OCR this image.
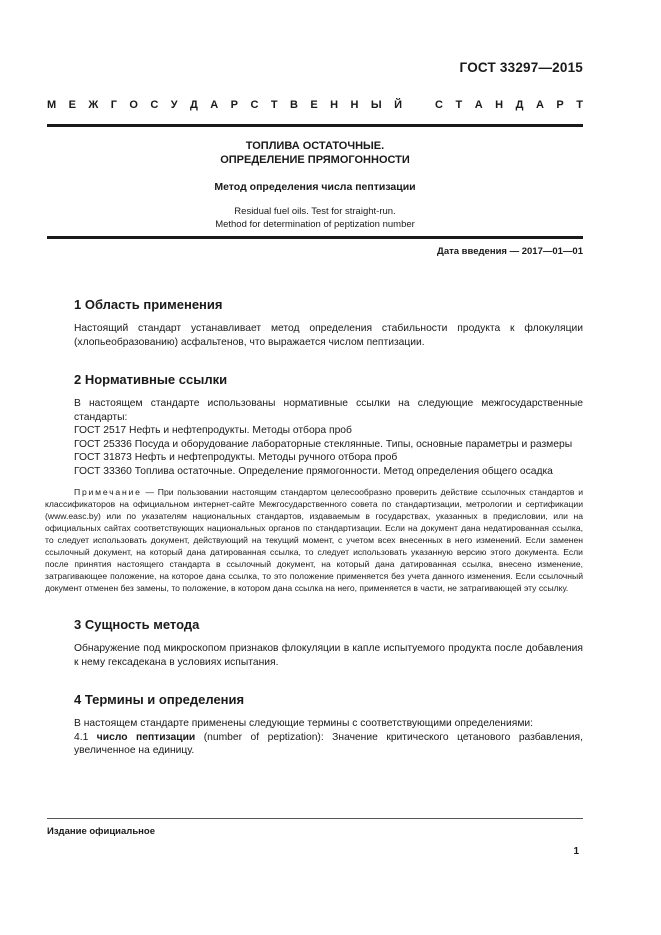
ГОСТ 33297—2015
М Е Ж Г О С У Д А Р С Т В Е Н Н Ы Й	С Т А Н Д А Р Т
ТОПЛИВА ОСТАТОЧНЫЕ.
ОПРЕДЕЛЕНИЕ ПРЯМОГОННОСТИ
Метод определения числа пептизации
Residual fuel oils. Test for straight-run.
Method for determination of peptization number
Дата введения — 2017—01—01
1 Область применения

Настоящий стандарт устанавливает метод определения стабильности продукта к флокуляции (хлопьеобразованию) асфальтенов, что выражается числом пептизации.

2 Нормативные ссылки

В настоящем стандарте использованы нормативные ссылки на следующие межгосударственные стандарты:

ГОСТ 2517 Нефть и нефтепродукты. Методы отбора проб

ГОСТ 25336 Посуда и оборудование лабораторные стеклянные. Типы, основные параметры и размеры

ГОСТ 31873 Нефть и нефтепродукты. Методы ручного отбора проб

ГОСТ 33360 Топлива остаточные. Определение прямогонности. Метод определения общего осадка

Примечание — При пользовании настоящим стандартом целесообразно проверить действие ссылочных стандартов и классификаторов на официальном интернет-сайте Межгосударственного совета по стандартизации, метрологии и сертификации (www.easc.by) или по указателям национальных стандартов, издаваемым в государствах, указанных в предисловии, или на официальных сайтах соответствующих национальных органов по стандартизации. Если на документ дана недатированная ссылка, то следует использовать документ, действующий на текущий момент, с учетом всех внесенных в него изменений. Если заменен ссылочный документ, на который дана датированная ссылка, то следует использовать указанную версию этого документа. Если после принятия настоящего стандарта в ссылочный документ, на который дана датированная ссылка, внесено изменение, затрагивающее положение, на которое дана ссылка, то это положение применяется без учета данного изменения. Если ссылочный документ отменен без замены, то положение, в котором дана ссылка на него, применяется в части, не затрагивающей эту ссылку.

3 Сущность метода

Обнаружение под микроскопом признаков флокуляции в капле испытуемого продукта после добавления к нему гексадекана в условиях испытания.

4 Термины и определения

В настоящем стандарте применены следующие термины с соответствующими определениями:

4.1 число пептизации (number of peptization): Значение критического цетанового разбавления, увеличенное на единицу.

Издание официальное
1
